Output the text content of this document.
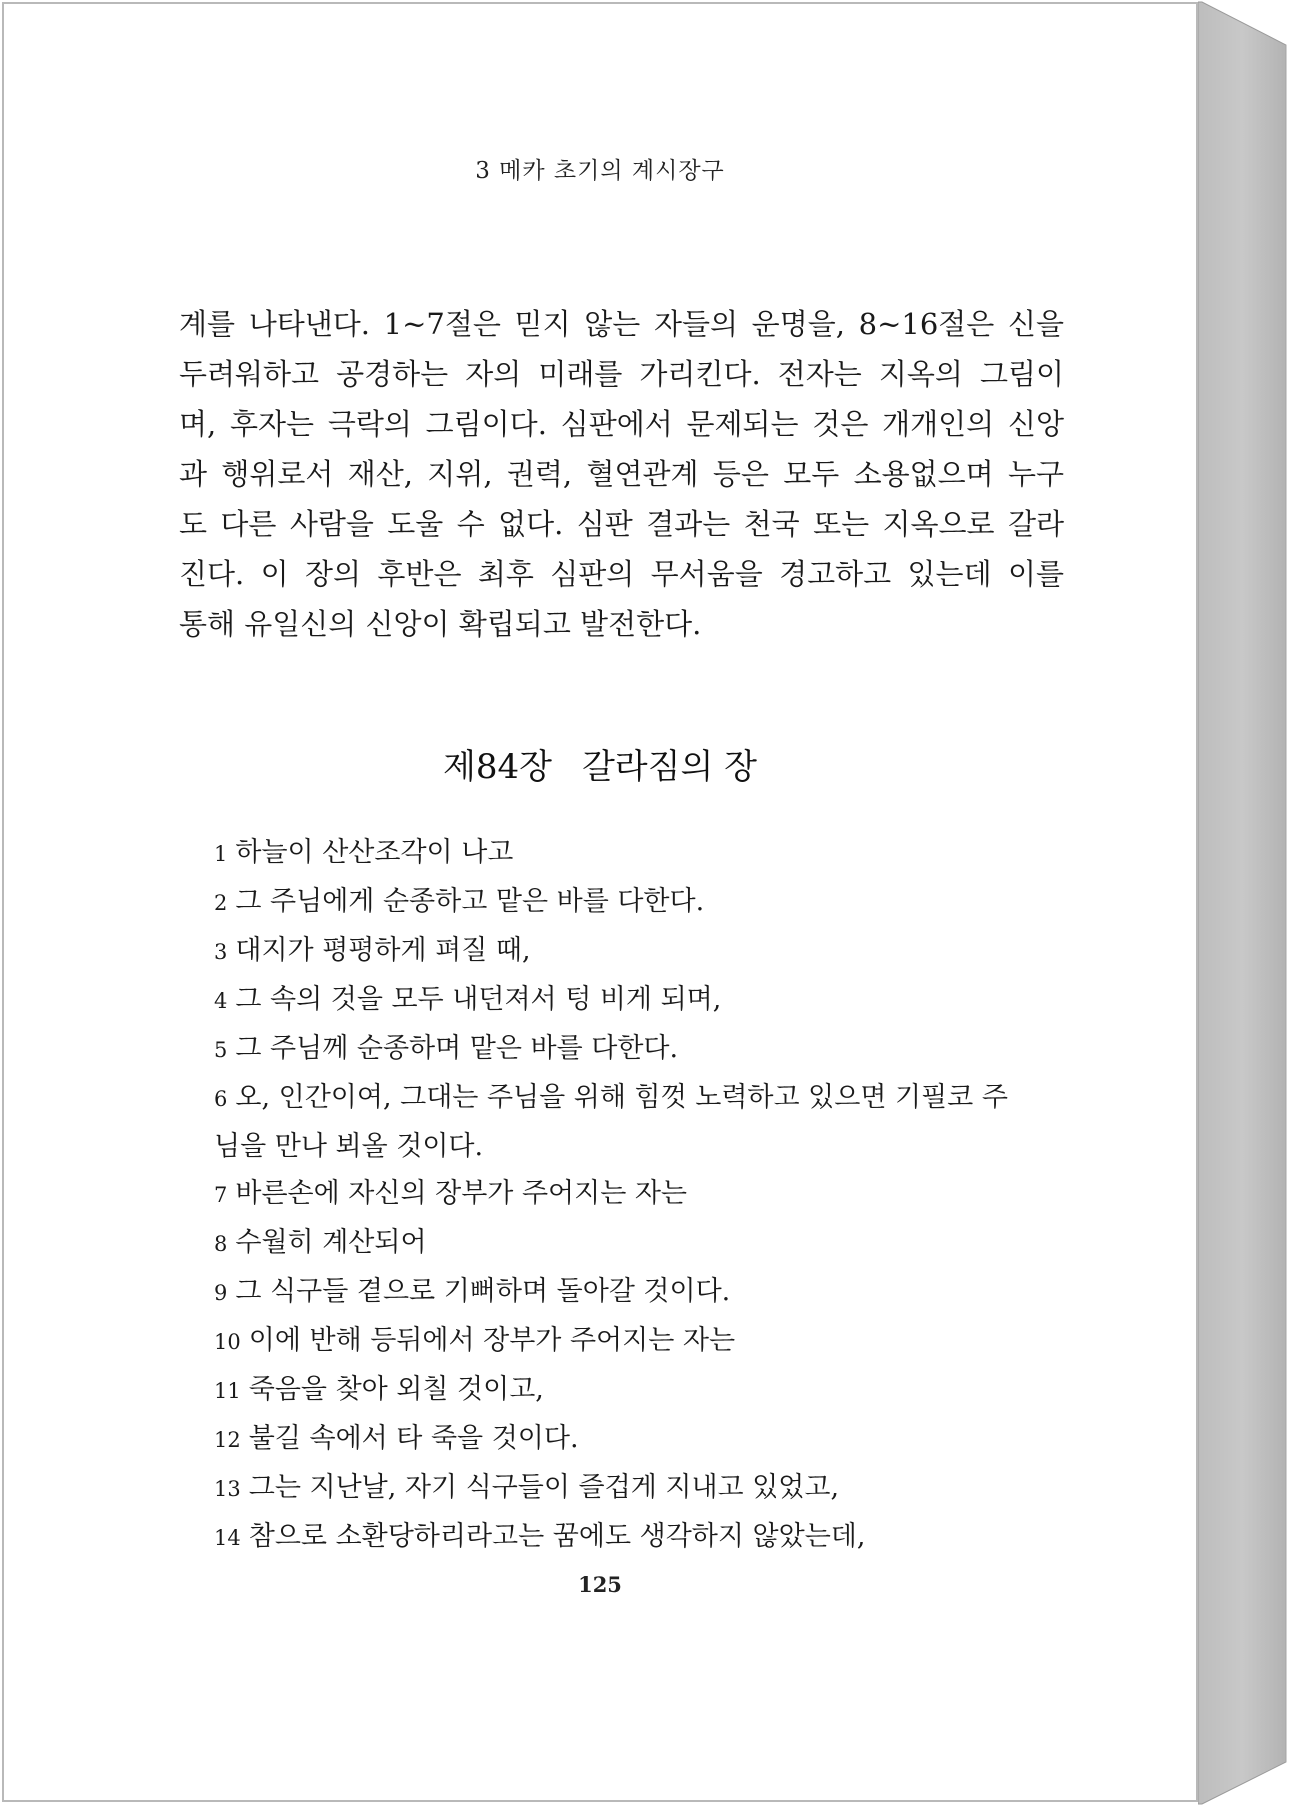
3 메카 초기의 계시장구

계를 나타낸다. 1~7절은 믿지 않는 자들의 운명을, 8~16절은 신을
두려워하고 공경하는 자의 미래를 가리킨다. 전자는 지옥의 그림이
며, 후자는 극락의 그림이다. 심판에서 문제되는 것은 개개인의 신앙
과 행위로서 재산, 지위, 권력, 혈연관계 등은 모두 소용없으며 누구
도 다른 사람을 도울 수 없다. 심판 결과는 천국 또는 지옥으로 갈라
진다. 이 장의 후반은 최후 심판의 무서움을 경고하고 있는데 이를
통해 유일신의 신앙이 확립되고 발전한다.

제84장 갈라짐의 장
1 하늘이 산산조각이 나고
2 그 주님에게 순종하고 맡은 바를 다한다.
3 대지가 평평하게 펴질 때,
4 그 속의 것을 모두 내던져서 텅 비게 되며,
5 그 주님께 순종하며 맡은 바를 다한다.
6 오, 인간이여, 그대는 주님을 위해 힘껏 노력하고 있으면 기필코 주
님을 만나 뵈올 것이다.
7 바른손에 자신의 장부가 주어지는 자는
8 수월히 계산되어
9 그 식구들 곁으로 기뻐하며 돌아갈 것이다.
10 이에 반해 등뒤에서 장부가 주어지는 자는
11 죽음을 찾아 외칠 것이고,
12 불길 속에서 타 죽을 것이다.
13 그는 지난날, 자기 식구들이 즐겁게 지내고 있었고,
14 참으로 소환당하리라고는 꿈에도 생각하지 않았는데,
125
